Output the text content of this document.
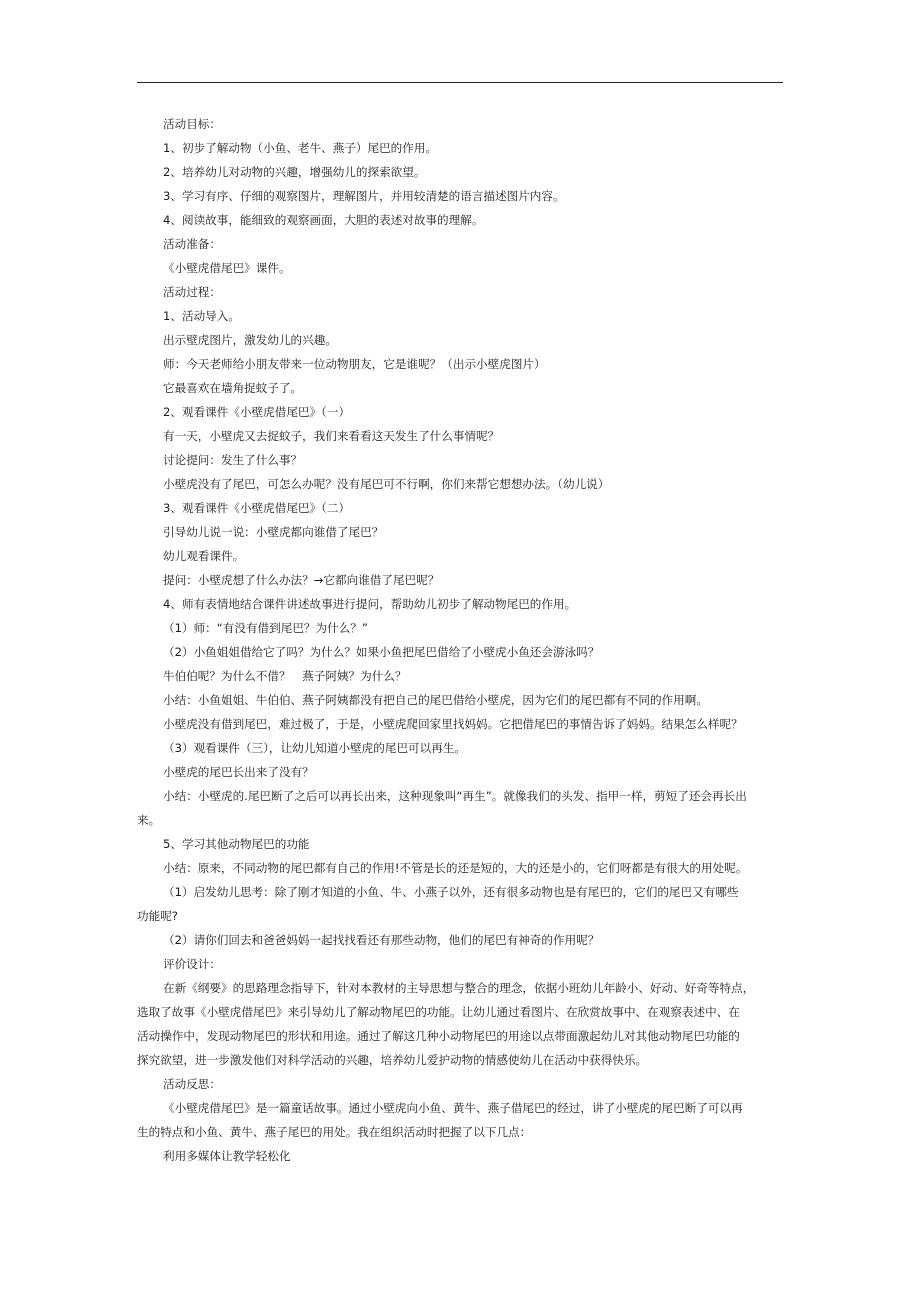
活动目标：
1、初步了解动物（小鱼、老牛、燕子）尾巴的作用。
2、培养幼儿对动物的兴趣，增强幼儿的探索欲望。
3、学习有序、仔细的观察图片，理解图片，并用较清楚的语言描述图片内容。
4、阅读故事，能细致的观察画面，大胆的表述对故事的理解。
活动准备：
《小壁虎借尾巴》课件。
活动过程：
1、活动导入。
出示壁虎图片，激发幼儿的兴趣。
师：今天老师给小朋友带来一位动物朋友，它是谁呢？（出示小壁虎图片）
它最喜欢在墙角捉蚊子了。
2、观看课件《小壁虎借尾巴》（一）
有一天，小壁虎又去捉蚊子，我们来看看这天发生了什么事情呢？
讨论提问：发生了什么事？
小壁虎没有了尾巴，可怎么办呢？没有尾巴可不行啊，你们来帮它想想办法。（幼儿说）
3、观看课件《小壁虎借尾巴》（二）
引导幼儿说一说：小壁虎都向谁借了尾巴？
幼儿观看课件。
提问：小壁虎想了什么办法？→它都向谁借了尾巴呢？
4、师有表情地结合课件讲述故事进行提问，帮助幼儿初步了解动物尾巴的作用。
（1）师：“有没有借到尾巴？为什么？”
（2）小鱼姐姐借给它了吗？为什么？如果小鱼把尾巴借给了小壁虎小鱼还会游泳吗？
牛伯伯呢？为什么不借？　燕子阿姨？为什么？
小结：小鱼姐姐、牛伯伯、燕子阿姨都没有把自己的尾巴借给小壁虎，因为它们的尾巴都有不同的作用啊。
小壁虎没有借到尾巴，难过极了，于是，小壁虎爬回家里找妈妈。它把借尾巴的事情告诉了妈妈。结果怎么样呢？
（3）观看课件（三），让幼儿知道小壁虎的尾巴可以再生。
小壁虎的尾巴长出来了没有？
小结：小壁虎的.尾巴断了之后可以再长出来，这种现象叫“再生”。就像我们的头发、指甲一样，剪短了还会再长出
来。
5、学习其他动物尾巴的功能
小结：原来，不同动物的尾巴都有自己的作用!不管是长的还是短的，大的还是小的，它们呀都是有很大的用处呢。
（1）启发幼儿思考：除了刚才知道的小鱼、牛、小燕子以外，还有很多动物也是有尾巴的，它们的尾巴又有哪些
功能呢?
（2）请你们回去和爸爸妈妈一起找找看还有那些动物，他们的尾巴有神奇的作用呢？
评价设计：
在新《纲要》的思路理念指导下，针对本教材的主导思想与整合的理念，依据小班幼儿年龄小、好动、好奇等特点，
选取了故事《小壁虎借尾巴》来引导幼儿了解动物尾巴的功能。让幼儿通过看图片、在欣赏故事中、在观察表述中、在
活动操作中，发现动物尾巴的形状和用途。通过了解这几种小动物尾巴的用途以点带面激起幼儿对其他动物尾巴功能的
探究欲望，进一步激发他们对科学活动的兴趣，培养幼儿爱护动物的情感使幼儿在活动中获得快乐。
活动反思：
《小壁虎借尾巴》是一篇童话故事。通过小壁虎向小鱼、黄牛、燕子借尾巴的经过，讲了小壁虎的尾巴断了可以再
生的特点和小鱼、黄牛、燕子尾巴的用处。我在组织活动时把握了以下几点：
利用多媒体让教学轻松化
